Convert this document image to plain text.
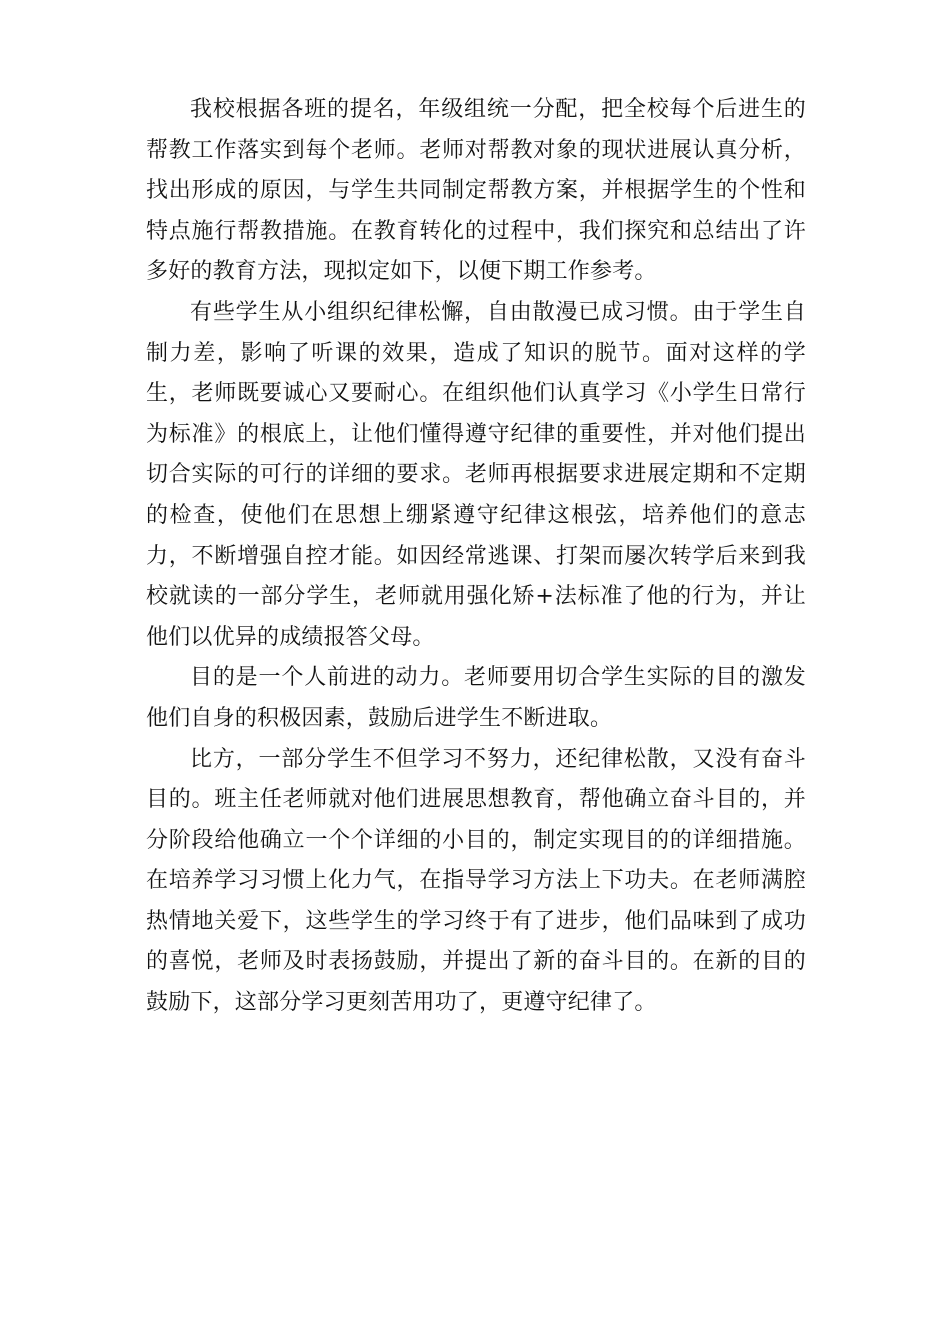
我校根据各班的提名，年级组统一分配，把全校每个后进生的帮教工作落实到每个老师。老师对帮教对象的现状进展认真分析，找出形成的原因，与学生共同制定帮教方案，并根据学生的个性和特点施行帮教措施。在教育转化的过程中，我们探究和总结出了许多好的教育方法，现拟定如下，以便下期工作参考。

有些学生从小组织纪律松懈，自由散漫已成习惯。由于学生自制力差，影响了听课的效果，造成了知识的脱节。面对这样的学生，老师既要诚心又要耐心。在组织他们认真学习《小学生日常行为标准》的根底上，让他们懂得遵守纪律的重要性，并对他们提出切合实际的可行的详细的要求。老师再根据要求进展定期和不定期的检查，使他们在思想上绷紧遵守纪律这根弦，培养他们的意志力，不断增强自控才能。如因经常逃课、打架而屡次转学后来到我校就读的一部分学生，老师就用强化矫+法标准了他的行为，并让他们以优异的成绩报答父母。

目的是一个人前进的动力。老师要用切合学生实际的目的激发他们自身的积极因素，鼓励后进学生不断进取。

比方，一部分学生不但学习不努力，还纪律松散，又没有奋斗目的。班主任老师就对他们进展思想教育，帮他确立奋斗目的，并分阶段给他确立一个个详细的小目的，制定实现目的的详细措施。在培养学习习惯上化力气，在指导学习方法上下功夫。在老师满腔热情地关爱下，这些学生的学习终于有了进步，他们品味到了成功的喜悦，老师及时表扬鼓励，并提出了新的奋斗目的。在新的目的鼓励下，这部分学习更刻苦用功了，更遵守纪律了。
